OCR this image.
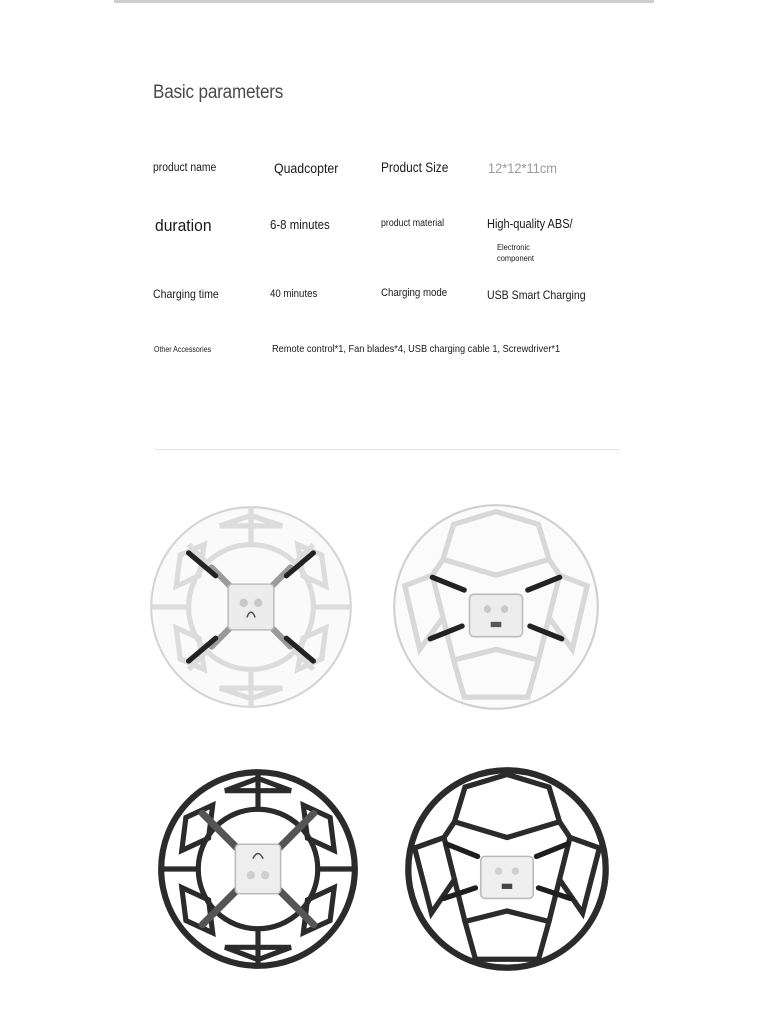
Basic parameters
product name	Quadcopter	Product Size	12*12*11cm
duration	6-8 minutes	product material	High-quality ABS/
Electronic
component
Charging time	40 minutes	Charging mode	USB Smart Charging
Other Accessories	Remote control*1, Fan blades*4, USB charging cable 1, Screwdriver*1
